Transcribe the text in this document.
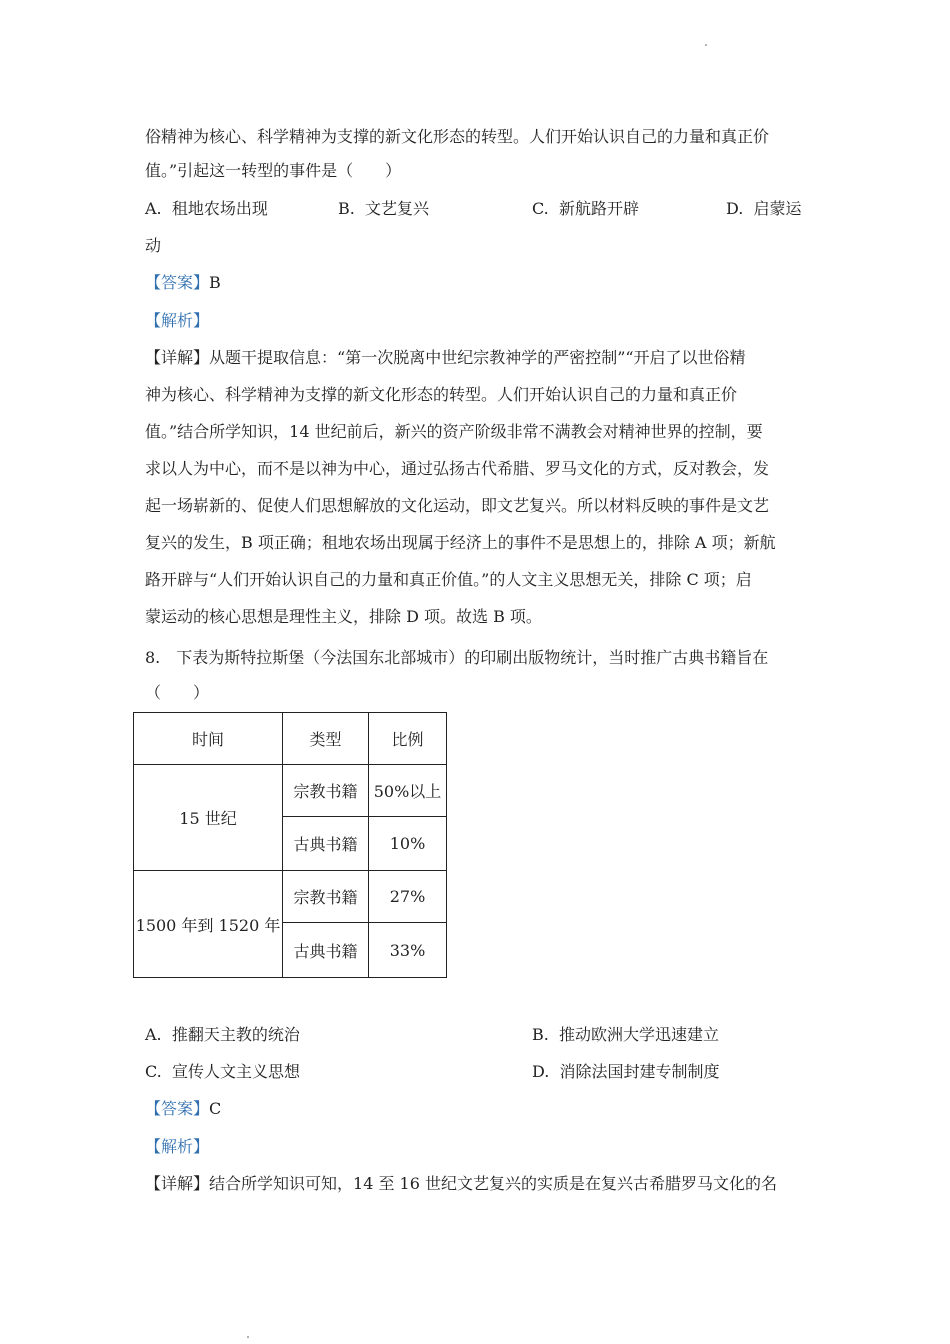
俗精神为核心、科学精神为支撑的新文化形态的转型。人们开始认识自己的力量和真正价
值。”引起这一转型的事件是（　　）
A. 租地农场出现	B. 文艺复兴	C. 新航路开辟	D. 启蒙运
动
【答案】B
【解析】
【详解】从题干提取信息：“第一次脱离中世纪宗教神学的严密控制”“开启了以世俗精
神为核心、科学精神为支撑的新文化形态的转型。人们开始认识自己的力量和真正价
值。”结合所学知识，14 世纪前后，新兴的资产阶级非常不满教会对精神世界的控制，要
求以人为中心，而不是以神为中心，通过弘扬古代希腊、罗马文化的方式，反对教会，发
起一场崭新的、促使人们思想解放的文化运动，即文艺复兴。所以材料反映的事件是文艺
复兴的发生，B 项正确；租地农场出现属于经济上的事件不是思想上的，排除 A 项；新航
路开辟与“人们开始认识自己的力量和真正价值。”的人文主义思想无关，排除 C 项；启
蒙运动的核心思想是理性主义，排除 D 项。故选 B 项。
8.　下表为斯特拉斯堡（今法国东北部城市）的印刷出版物统计，当时推广古典书籍旨在
（　　）
时间	类型	比例
15 世纪	宗教书籍	50%以上
	古典书籍	10%
1500 年到 1520 年	宗教书籍	27%
	古典书籍	33%
A. 推翻天主教的统治	B. 推动欧洲大学迅速建立
C. 宣传人文主义思想	D. 消除法国封建专制制度
【答案】C
【解析】
【详解】结合所学知识可知，14 至 16 世纪文艺复兴的实质是在复兴古希腊罗马文化的名
